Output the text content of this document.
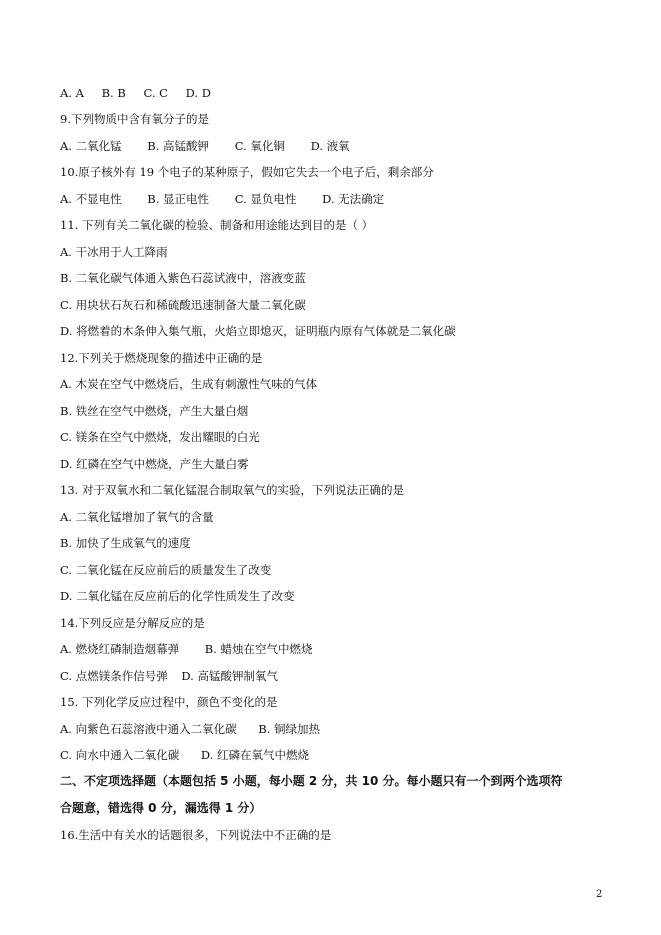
A. A B. B C. C D. D
9.下列物质中含有氧分子的是
A. 二氧化锰 B. 高锰酸钾 C. 氧化铜 D. 液氧
10.原子核外有 19 个电子的某种原子，假如它失去一个电子后，剩余部分
A. 不显电性 B. 显正电性 C. 显负电性 D. 无法确定
11. 下列有关二氧化碳的检验、制备和用途能达到目的是（ ）
A. 干冰用于人工降雨
B. 二氧化碳气体通入紫色石蕊试液中，溶液变蓝
C. 用块状石灰石和稀硫酸迅速制备大量二氧化碳
D. 将燃着的木条伸入集气瓶，火焰立即熄灭，证明瓶内原有气体就是二氧化碳
12.下列关于燃烧现象的描述中正确的是
A. 木炭在空气中燃烧后，生成有刺激性气味的气体
B. 铁丝在空气中燃烧，产生大量白烟
C. 镁条在空气中燃烧，发出耀眼的白光
D. 红磷在空气中燃烧，产生大量白雾
13. 对于双氧水和二氧化锰混合制取氧气的实验，下列说法正确的是
A. 二氧化锰增加了氧气的含量
B. 加快了生成氧气的速度
C. 二氧化锰在反应前后的质量发生了改变
D. 二氧化锰在反应前后的化学性质发生了改变
14.下列反应是分解反应的是
A. 燃烧红磷制造烟幕弹 B. 蜡烛在空气中燃烧
C. 点燃镁条作信号弹 D. 高锰酸钾制氧气
15. 下列化学反应过程中，颜色不变化的是
A. 向紫色石蕊溶液中通入二氧化碳 B. 铜绿加热
C. 向水中通入二氧化碳 D. 红磷在氧气中燃烧
二、不定项选择题（本题包括 5 小题，每小题 2 分，共 10 分。每小题只有一个到两个选项符
合题意，错选得 0 分，漏选得 1 分）
16.生活中有关水的话题很多，下列说法中不正确的是
2
